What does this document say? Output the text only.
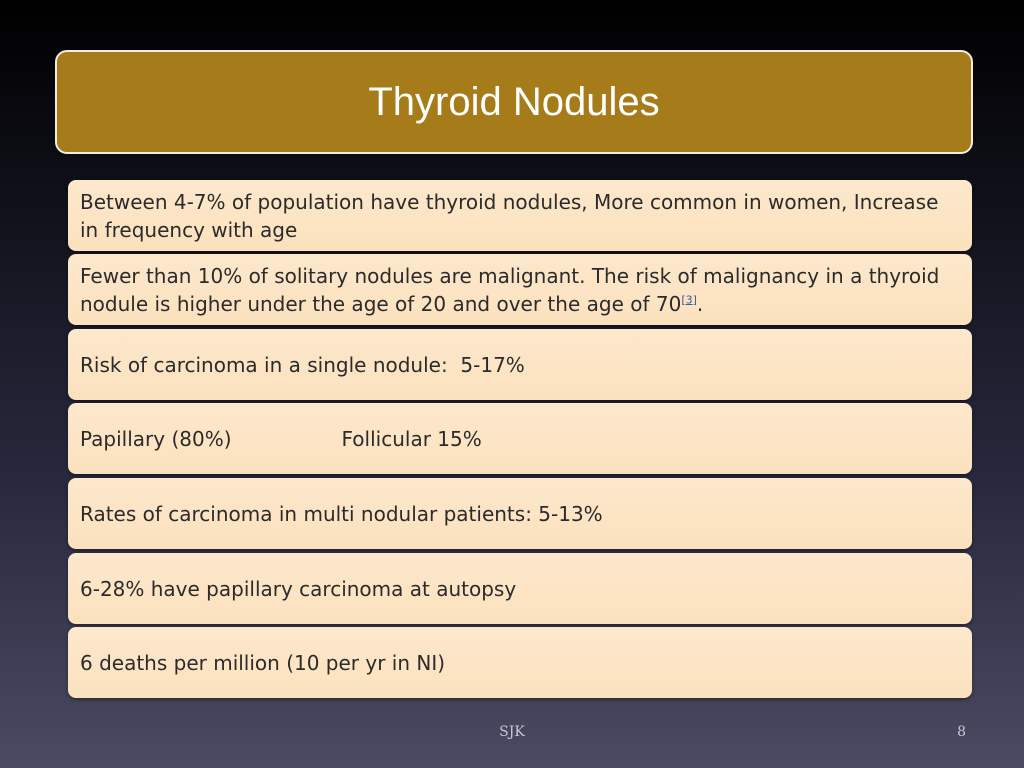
Thyroid Nodules
Between 4-7% of population have thyroid nodules, More common in women, Increase in frequency with age
Fewer than 10% of solitary nodules are malignant. The risk of malignancy in a thyroid nodule is higher under the age of 20 and over the age of 70[3].
Risk of carcinoma in a single nodule:  5-17%
Papillary (80%)	Follicular 15%
Rates of carcinoma in multi nodular patients: 5-13%
6-28% have papillary carcinoma at autopsy
6 deaths per million (10 per yr in NI)
SJK	8
